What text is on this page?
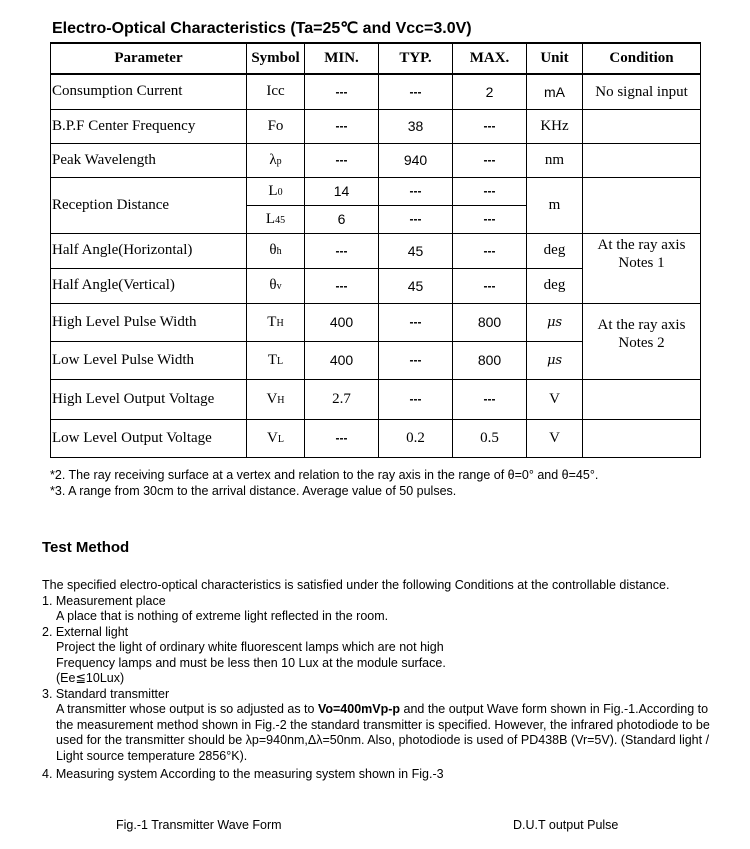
Electro-Optical Characteristics (Ta=25℃ and Vcc=3.0V)
Parameter	Symbol	MIN.	TYP.	MAX.	Unit	Condition
Consumption Current	Icc	---	---	2	mA	No signal input
B.P.F Center Frequency	Fo	---	38	---	KHz	
Peak Wavelength	λp	---	940	---	nm	
Reception Distance	L0	14	---	---	m	
	L45	6	---	---		
Half Angle(Horizontal)	θh	---	45	---	deg	At the ray axis
Notes 1

Half Angle(Vertical)	θv	---	45	---	deg	
High Level Pulse Width	TH	400	---	800	μs	At the ray axis
Notes 2

Low Level Pulse Width	TL	400	---	800	μs	
High Level Output Voltage	VH	2.7	---	---	V	
Low Level Output Voltage	VL	---	0.2	0.5	V	
*2. The ray receiving surface at a vertex and relation to the ray axis in the range of θ=0° and θ=45°.
*3. A range from 30cm to the arrival distance. Average value of 50 pulses.
Test Method

The specified electro-optical characteristics is satisfied under the following Conditions at the controllable distance.

1. Measurement place

A place that is nothing of extreme light reflected in the room.

2. External light

Project the light of ordinary white fluorescent lamps which are not high

Frequency lamps and must be less then 10 Lux at the module surface.

(Ee≦10Lux)

3. Standard transmitter

A transmitter whose output is so adjusted as to Vo=400mVp-p and the output Wave form shown in Fig.-1.According to the measurement method shown in Fig.-2 the standard transmitter is specified. However, the infrared photodiode to be used for the transmitter should be λp=940nm,Δλ=50nm. Also, photodiode is used of PD438B (Vr=5V). (Standard light / Light source temperature 2856°K).

4. Measuring system According to the measuring system shown in Fig.-3

Fig.-1 Transmitter Wave Form	D.U.T output Pulse
